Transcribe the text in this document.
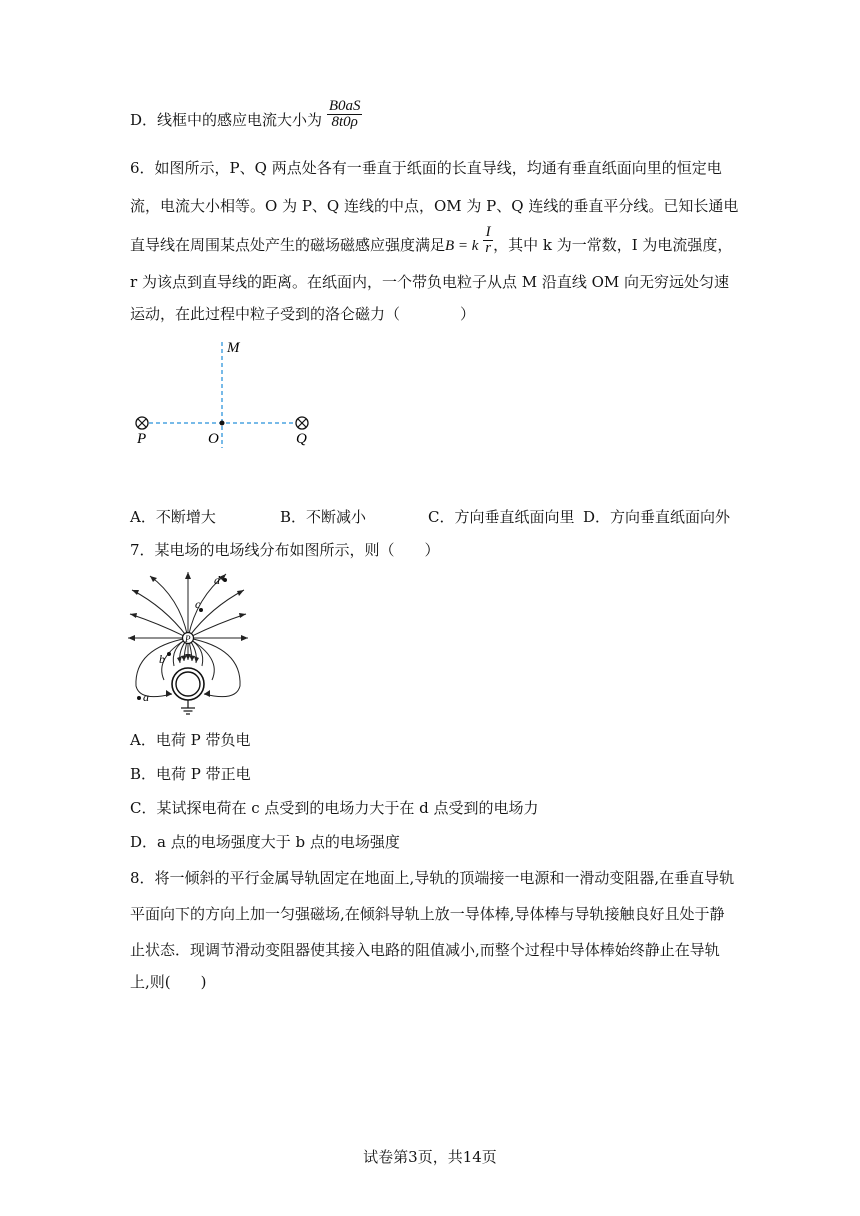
D．线框中的感应电流大小为 $\frac{B0aS}{8t0\rho}$
6．如图所示，P、Q 两点处各有一垂直于纸面的长直导线，均通有垂直纸面向里的恒定电
流，电流大小相等。O 为 P、Q 连线的中点，OM 为 P、Q 连线的垂直平分线。已知长通电
直导线在周围某点处产生的磁场磁感应强度满足B = k $\frac{I}{r}$ ，其中 k 为一常数，I 为电流强度，
r 为该点到直导线的距离。在纸面内，一个带负电粒子从点 M 沿直线 OM 向无穷远处匀速
运动，在此过程中粒子受到的洛仑磁力（　　　　）
M
O
P	Q
A．不断增大	B．不断减小	C．方向垂直纸面向里 D．方向垂直纸面向外
7．某电场的电场线分布如图所示，则（　　）
P
d
c
b
a
A．电荷 P 带负电
B．电荷 P 带正电
C．某试探电荷在 c 点受到的电场力大于在 d 点受到的电场力
D．a 点的电场强度大于 b 点的电场强度
8．将一倾斜的平行金属导轨固定在地面上,导轨的顶端接一电源和一滑动变阻器,在垂直导轨
平面向下的方向上加一匀强磁场,在倾斜导轨上放一导体棒,导体棒与导轨接触良好且处于静
止状态．现调节滑动变阻器使其接入电路的阻值减小,而整个过程中导体棒始终静止在导轨
上,则(　　)
试卷第3页，共14页
